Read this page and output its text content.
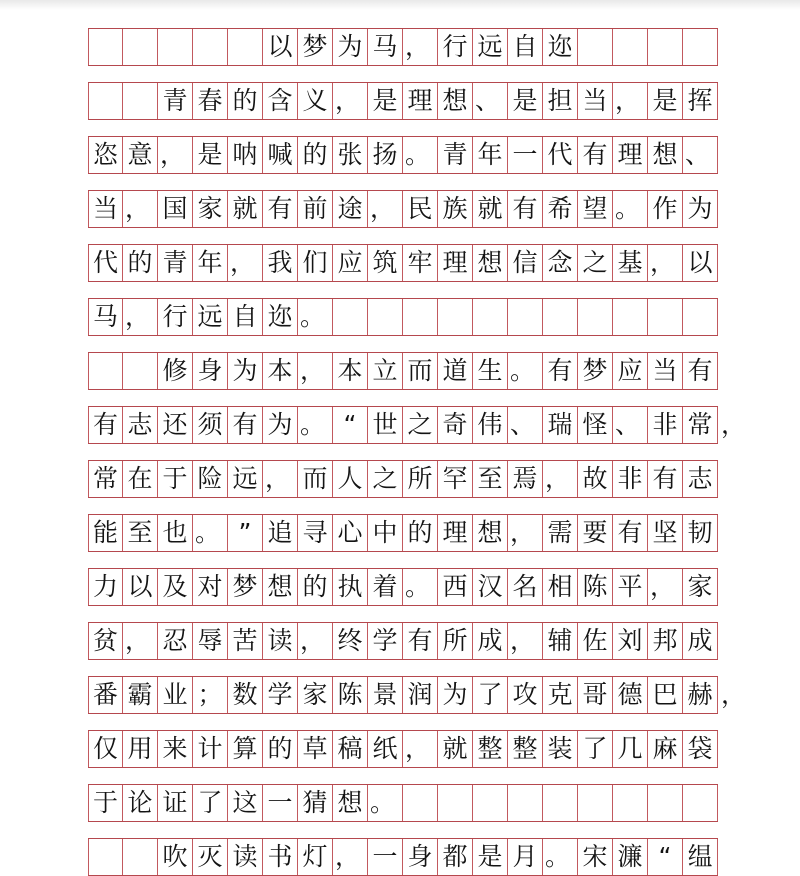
以 梦 为 马 ， 行 远 自 迩
青 春 的 含 义 ， 是 理 想 、 是 担 当 ， 是 挥
恣 意 ， 是 呐 喊 的 张 扬 。 青 年 一 代 有 理 想 、
当 ， 国 家 就 有 前 途 ， 民 族 就 有 希 望 。 作 为
代 的 青 年 ， 我 们 应 筑 牢 理 想 信 念 之 基 ， 以
马 ， 行 远 自 迩 。
修 身 为 本 ， 本 立 而 道 生 。 有 梦 应 当 有
有 志 还 须 有 为 。 “ 世 之 奇 伟 、 瑞 怪 、 非 常 ，
常 在 于 险 远 ， 而 人 之 所 罕 至 焉 ， 故 非 有 志
能 至 也 。 ” 追 寻 心 中 的 理 想 ， 需 要 有 坚 韧
力 以 及 对 梦 想 的 执 着 。 西 汉 名 相 陈 平 ， 家
贫 ， 忍 辱 苦 读 ， 终 学 有 所 成 ， 辅 佐 刘 邦 成
番 霸 业 ； 数 学 家 陈 景 润 为 了 攻 克 哥 德 巴 赫 ，
仅 用 来 计 算 的 草 稿 纸 ， 就 整 整 装 了 几 麻 袋
于 论 证 了 这 一 猜 想 。
吹 灭 读 书 灯 ， 一 身 都 是 月 。 宋 濂 “ 缊
